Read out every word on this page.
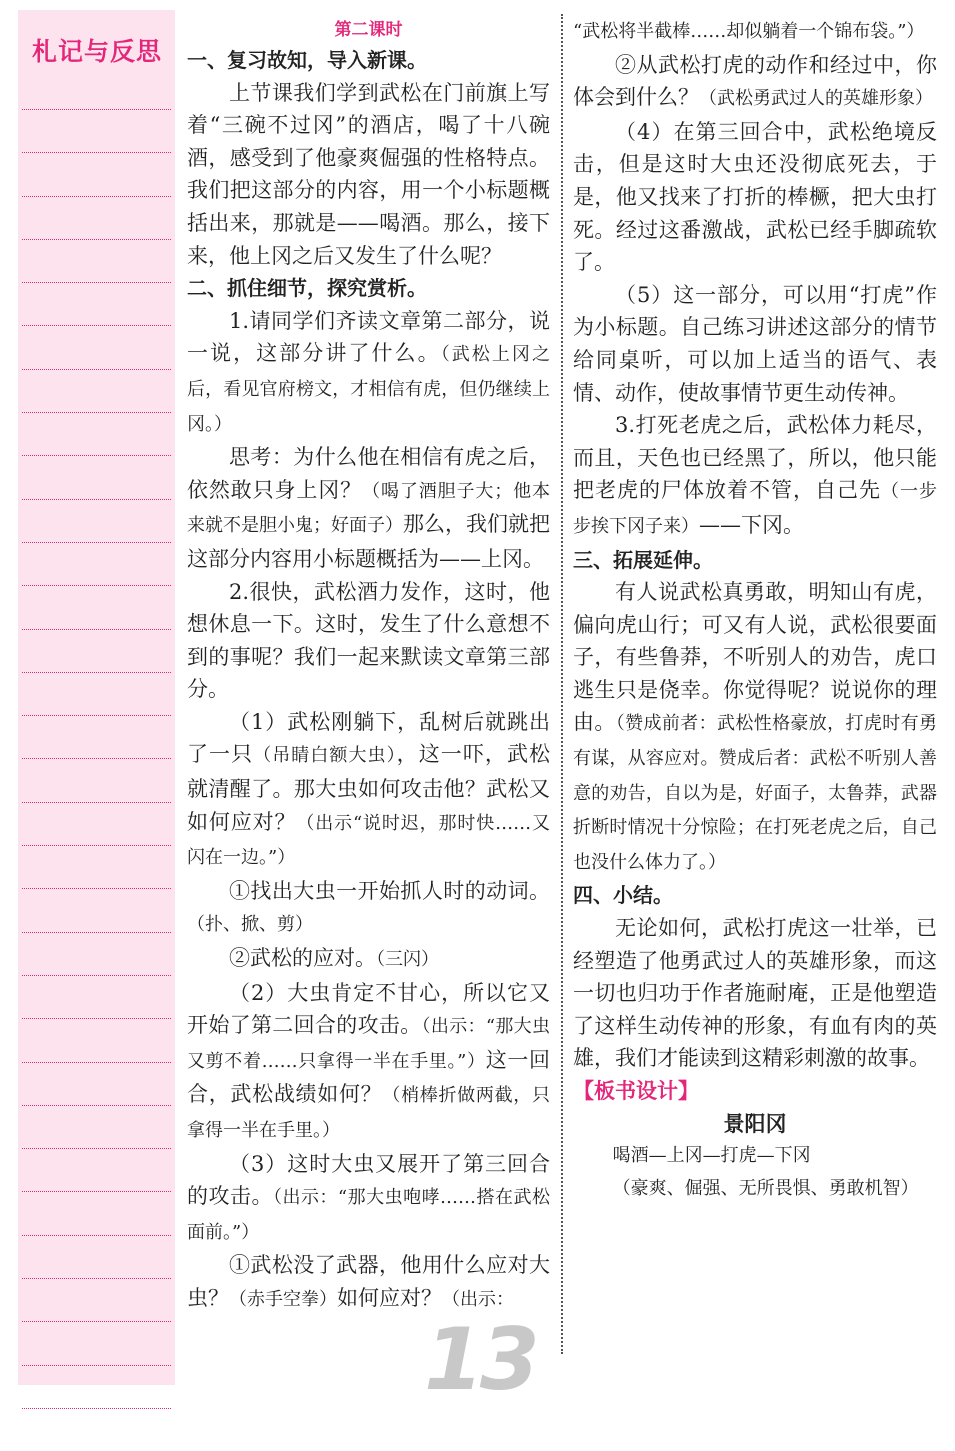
札记与反思

第二课时

一、复习故知，导入新课。

上节课我们学到武松在门前旗上写着“三碗不过冈”的酒店，喝了十八碗酒，感受到了他豪爽倔强的性格特点。我们把这部分的内容，用一个小标题概括出来，那就是——喝酒。那么，接下来，他上冈之后又发生了什么呢？

二、抓住细节，探究赏析。

1.请同学们齐读文章第二部分，说一说，这部分讲了什么。（武松上冈之后，看见官府榜文，才相信有虎，但仍继续上冈。）

思考：为什么他在相信有虎之后，依然敢只身上冈？（喝了酒胆子大；他本来就不是胆小鬼；好面子）那么，我们就把这部分内容用小标题概括为——上冈。

2.很快，武松酒力发作，这时，他想休息一下。这时，发生了什么意想不到的事呢？我们一起来默读文章第三部分。

（1）武松刚躺下，乱树后就跳出了一只（吊睛白额大虫），这一吓，武松就清醒了。那大虫如何攻击他？武松又如何应对？（出示“说时迟，那时快……又闪在一边。”）

①找出大虫一开始抓人时的动词。（扑、掀、剪）

②武松的应对。（三闪）

（2）大虫肯定不甘心，所以它又开始了第二回合的攻击。（出示：“那大虫又剪不着……只拿得一半在手里。”）这一回合，武松战绩如何？（梢棒折做两截，只拿得一半在手里。）

（3）这时大虫又展开了第三回合的攻击。（出示：“那大虫咆哮……搭在武松面前。”）

①武松没了武器，他用什么应对大虫？（赤手空拳）如何应对？（出示：

“武松将半截棒……却似躺着一个锦布袋。”）

②从武松打虎的动作和经过中，你体会到什么？（武松勇武过人的英雄形象）

（4）在第三回合中，武松绝境反击，但是这时大虫还没彻底死去，于是，他又找来了打折的棒橛，把大虫打死。经过这番激战，武松已经手脚疏软了。

（5）这一部分，可以用“打虎”作为小标题。自己练习讲述这部分的情节给同桌听，可以加上适当的语气、表情、动作，使故事情节更生动传神。

3.打死老虎之后，武松体力耗尽，而且，天色也已经黑了，所以，他只能把老虎的尸体放着不管，自己先（一步步挨下冈子来）——下冈。

三、拓展延伸。

有人说武松真勇敢，明知山有虎，偏向虎山行；可又有人说，武松很要面子，有些鲁莽，不听别人的劝告，虎口逃生只是侥幸。你觉得呢？说说你的理由。（赞成前者：武松性格豪放，打虎时有勇有谋，从容应对。赞成后者：武松不听别人善意的劝告，自以为是，好面子，太鲁莽，武器折断时情况十分惊险；在打死老虎之后，自己也没什么体力了。）

四、小结。

无论如何，武松打虎这一壮举，已经塑造了他勇武过人的英雄形象，而这一切也归功于作者施耐庵，正是他塑造了这样生动传神的形象，有血有肉的英雄，我们才能读到这精彩刺激的故事。

【板书设计】

景阳冈

喝酒—上冈—打虎—下冈

（豪爽、倔强、无所畏惧、勇敢机智）

13
